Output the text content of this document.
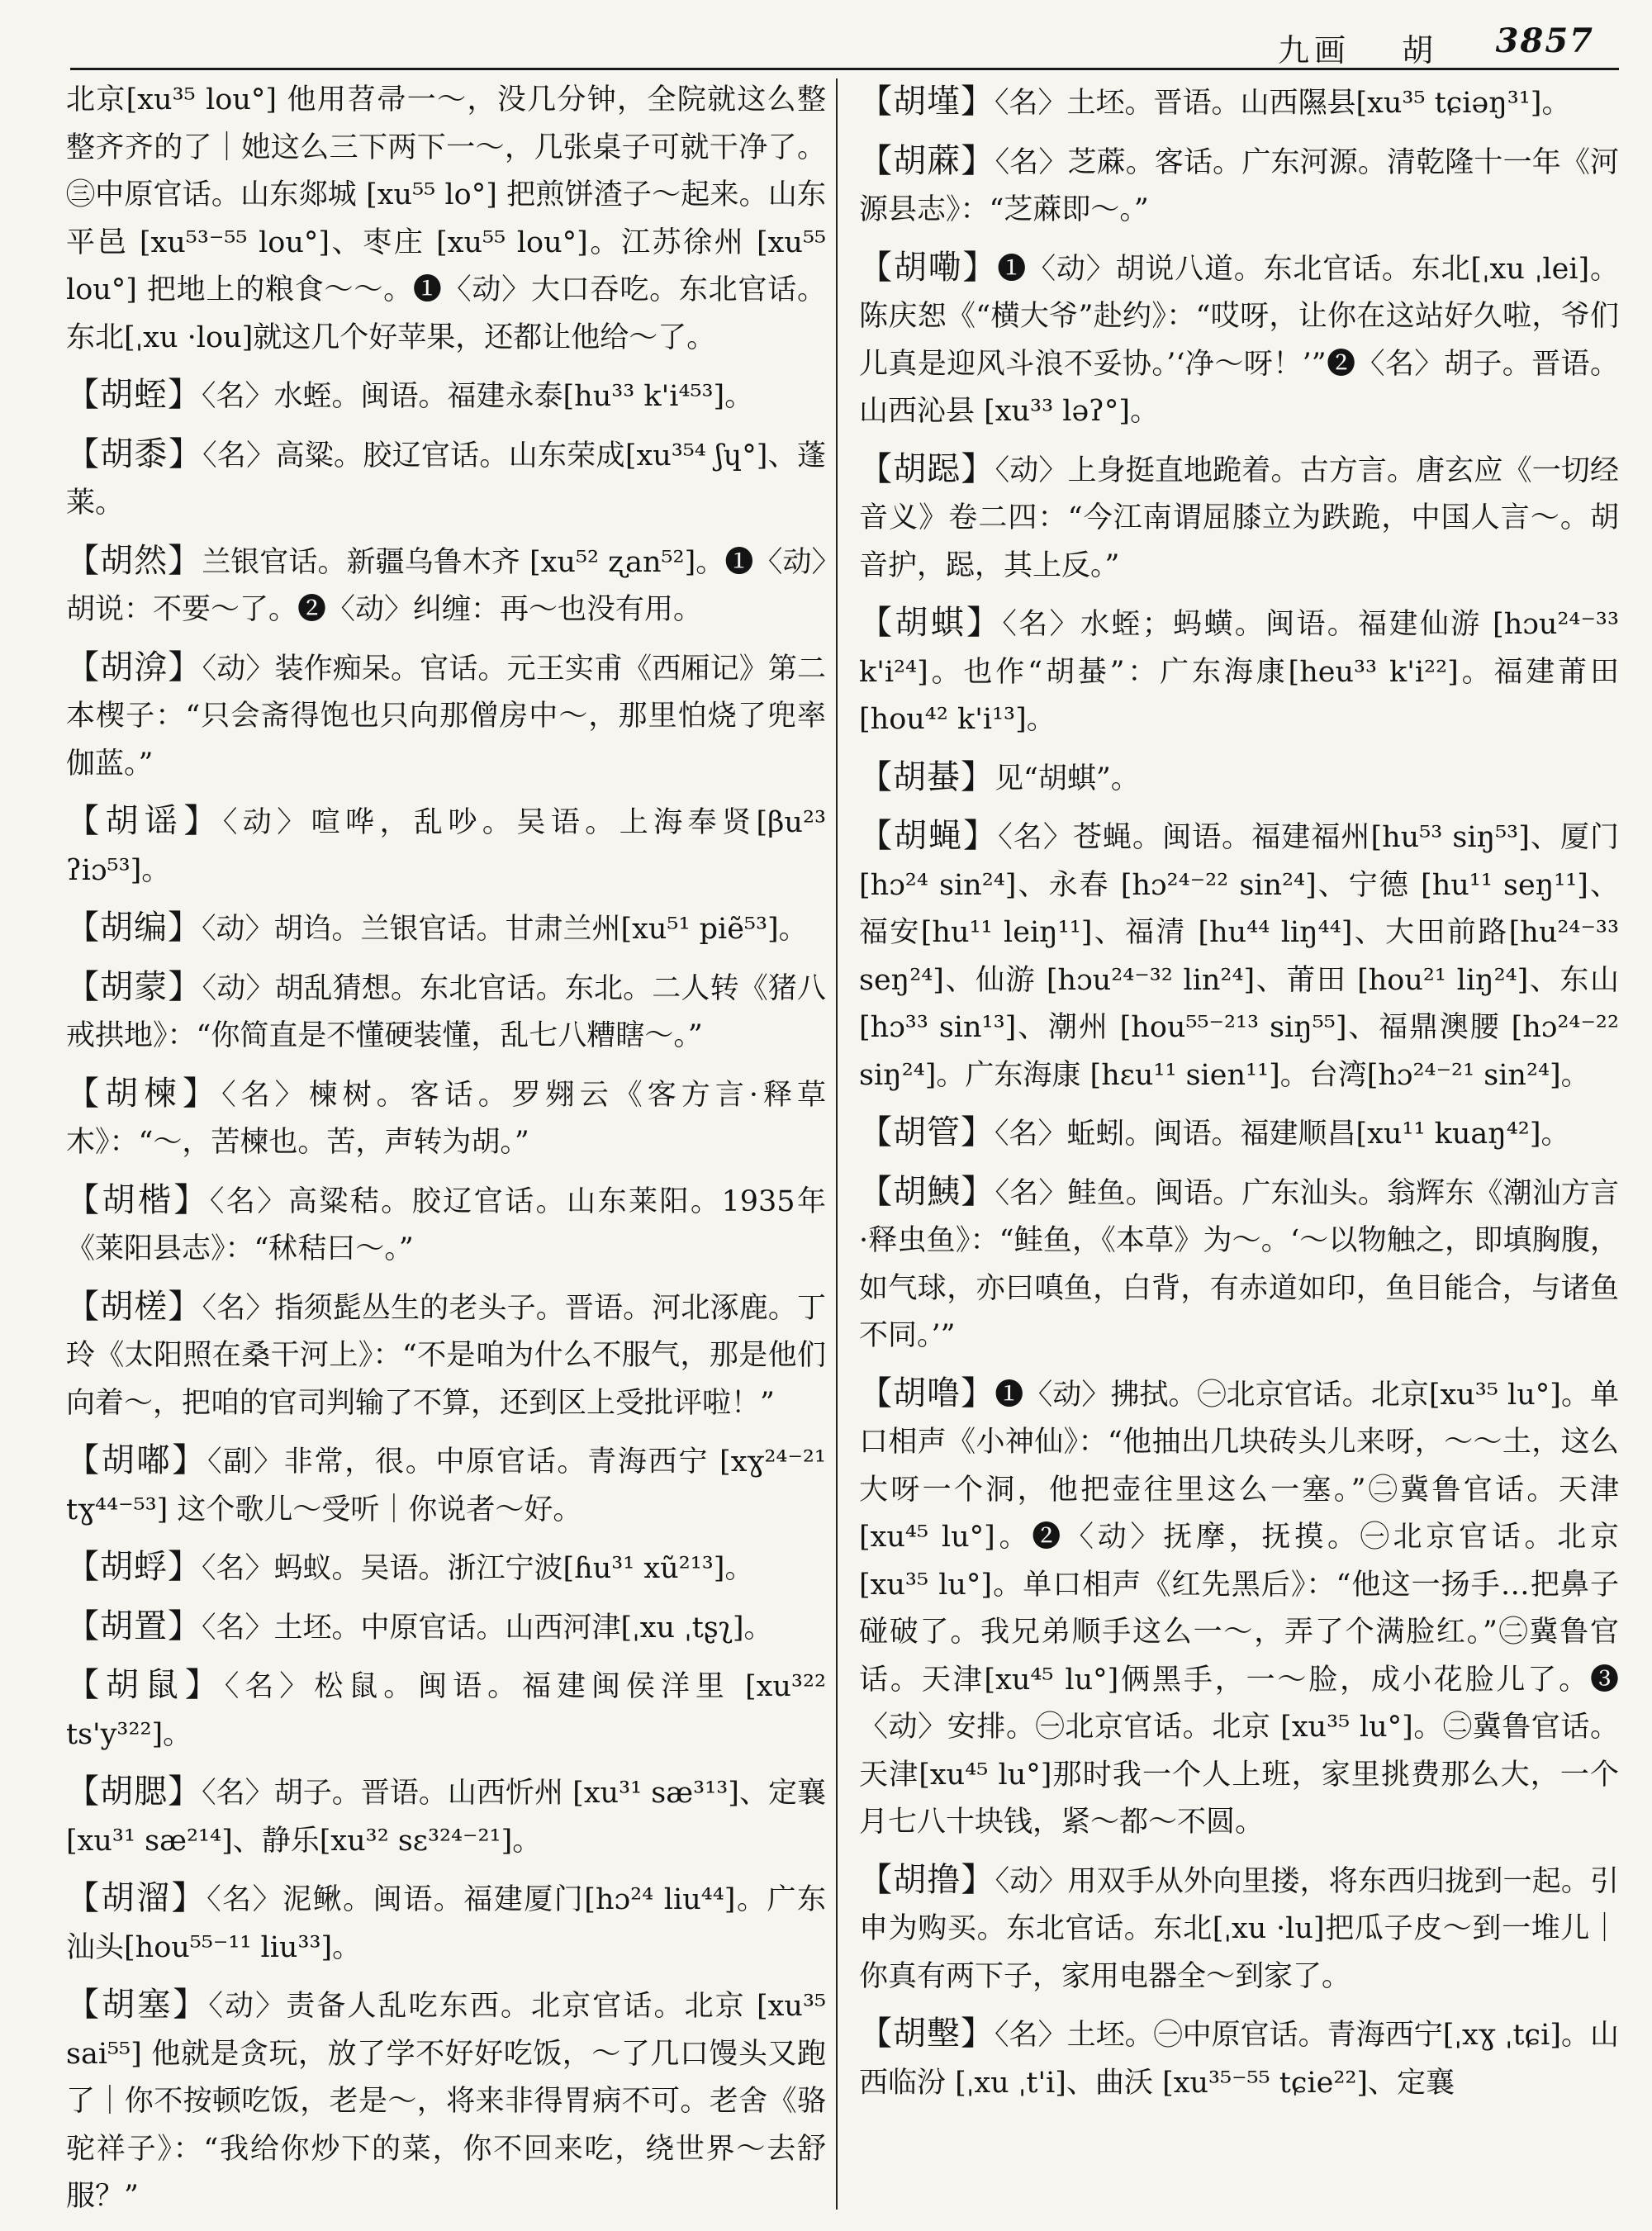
九画 胡 3857

北京[xu³⁵ lou°] 他用苕帚一～，没几分钟，全院就这么整整齐齐的了｜她这么三下两下一～，几张桌子可就干净了。㊂中原官话。山东郯城 [xu⁵⁵ lo°] 把煎饼渣子～起来。山东平邑 [xu⁵³⁻⁵⁵ lou°]、枣庄 [xu⁵⁵ lou°]。江苏徐州 [xu⁵⁵ lou°] 把地上的粮食～～。❶〈动〉大口吞吃。东北官话。东北[ˌxu ·lou]就这几个好苹果，还都让他给～了。

【胡蛭】〈名〉水蛭。闽语。福建永泰[hu³³ k'i⁴⁵³]。

【胡黍】〈名〉高粱。胶辽官话。山东荣成[xu³⁵⁴ ʃɥ°]、蓬莱。

【胡然】兰银官话。新疆乌鲁木齐 [xu⁵² ʐan⁵²]。❶〈动〉胡说：不要～了。❷〈动〉纠缠：再～也没有用。

【胡渰】〈动〉装作痴呆。官话。元王实甫《西厢记》第二本楔子：“只会斋得饱也只向那僧房中～，那里怕烧了兜率伽蓝。”

【胡谣】〈动〉喧哗，乱吵。吴语。上海奉贤[βu²³ ʔiɔ⁵³]。

【胡编】〈动〉胡诌。兰银官话。甘肃兰州[xu⁵¹ piẽ⁵³]。

【胡蒙】〈动〉胡乱猜想。东北官话。东北。二人转《猪八戒拱地》：“你简直是不懂硬装懂，乱七八糟瞎～。”

【胡楝】〈名〉楝树。客话。罗翙云《客方言·释草木》：“～，苦楝也。苦，声转为胡。”

【胡楷】〈名〉高粱秸。胶辽官话。山东莱阳。1935年《莱阳县志》：“秫秸曰～。”

【胡槎】〈名〉指须髭丛生的老头子。晋语。河北涿鹿。丁玲《太阳照在桑干河上》：“不是咱为什么不服气，那是他们向着～，把咱的官司判输了不算，还到区上受批评啦！”

【胡嘟】〈副〉非常，很。中原官话。青海西宁 [xɣ²⁴⁻²¹ tɣ⁴⁴⁻⁵³] 这个歌儿～受听｜你说者～好。

【胡蜉】〈名〉蚂蚁。吴语。浙江宁波[ɦu³¹ xũ²¹³]。

【胡置】〈名〉土坯。中原官话。山西河津[ˌxu ˌtʂʅ]。

【胡鼠】〈名〉松鼠。闽语。福建闽侯洋里 [xu³²² ts'y³²²]。

【胡腮】〈名〉胡子。晋语。山西忻州 [xu³¹ sæ³¹³]、定襄[xu³¹ sæ²¹⁴]、静乐[xu³² sɛ³²⁴⁻²¹]。

【胡溜】〈名〉泥鳅。闽语。福建厦门[hɔ²⁴ liu⁴⁴]。广东汕头[hou⁵⁵⁻¹¹ liu³³]。

【胡塞】〈动〉责备人乱吃东西。北京官话。北京 [xu³⁵ sai⁵⁵] 他就是贪玩，放了学不好好吃饭，～了几口馒头又跑了｜你不按顿吃饭，老是～，将来非得胃病不可。老舍《骆驼祥子》：“我给你炒下的菜，你不回来吃，绕世界～去舒服？”

【胡墐】〈名〉土坯。晋语。山西隰县[xu³⁵ tɕiəŋ³¹]。

【胡蔴】〈名〉芝蔴。客话。广东河源。清乾隆十一年《河源县志》：“芝蔴即～。”

【胡嘞】❶〈动〉胡说八道。东北官话。东北[ˌxu ˌlei]。陈庆恕《“横大爷”赴约》：“哎呀，让你在这站好久啦，爷们儿真是迎风斗浪不妥协。’‘净～呀！’”❷〈名〉胡子。晋语。山西沁县 [xu³³ ləʔ°]。

【胡跽】〈动〉上身挺直地跪着。古方言。唐玄应《一切经音义》卷二四：“今江南谓屈膝立为跌跪，中国人言～。胡音护，跽，其上反。”

【胡蜞】〈名〉水蛭；蚂蟥。闽语。福建仙游 [hɔu²⁴⁻³³ k'i²⁴]。也作“胡蜝”：广东海康[heu³³ k'i²²]。福建莆田[hou⁴² k'i¹³]。

【胡蜝】见“胡蜞”。

【胡蝇】〈名〉苍蝇。闽语。福建福州[hu⁵³ siŋ⁵³]、厦门 [hɔ²⁴ sin²⁴]、永春 [hɔ²⁴⁻²² sin²⁴]、宁德 [hu¹¹ seŋ¹¹]、福安[hu¹¹ leiŋ¹¹]、福清 [hu⁴⁴ liŋ⁴⁴]、大田前路[hu²⁴⁻³³ seŋ²⁴]、仙游 [hɔu²⁴⁻³² lin²⁴]、莆田 [hou²¹ liŋ²⁴]、东山 [hɔ³³ sin¹³]、潮州 [hou⁵⁵⁻²¹³ siŋ⁵⁵]、福鼎澳腰 [hɔ²⁴⁻²² siŋ²⁴]。广东海康 [hɛu¹¹ sien¹¹]。台湾[hɔ²⁴⁻²¹ sin²⁴]。

【胡管】〈名〉蚯蚓。闽语。福建顺昌[xu¹¹ kuaŋ⁴²]。

【胡鮧】〈名〉鲑鱼。闽语。广东汕头。翁辉东《潮汕方言·释虫鱼》：“鲑鱼，《本草》为～。‘～以物触之，即填胸腹，如气球，亦曰嗔鱼，白背，有赤道如印，鱼目能合，与诸鱼不同。’”

【胡噜】❶〈动〉拂拭。㊀北京官话。北京[xu³⁵ lu°]。单口相声《小神仙》：“他抽出几块砖头儿来呀，～～土，这么大呀一个洞，他把壶往里这么一塞。”㊁冀鲁官话。天津[xu⁴⁵ lu°]。❷〈动〉抚摩，抚摸。㊀北京官话。北京 [xu³⁵ lu°]。单口相声《红先黑后》：“他这一扬手…把鼻子碰破了。我兄弟顺手这么一～，弄了个满脸红。”㊁冀鲁官话。天津[xu⁴⁵ lu°]俩黑手，一～脸，成小花脸儿了。❸〈动〉安排。㊀北京官话。北京 [xu³⁵ lu°]。㊁冀鲁官话。天津[xu⁴⁵ lu°]那时我一个人上班，家里挑费那么大，一个月七八十块钱，紧～都～不圆。

【胡撸】〈动〉用双手从外向里搂，将东西归拢到一起。引申为购买。东北官话。东北[ˌxu ·lu]把瓜子皮～到一堆儿｜你真有两下子，家用电器全～到家了。

【胡墼】〈名〉土坯。㊀中原官话。青海西宁[ˌxɣ ˌtɕi]。山西临汾 [ˌxu ˌt'i]、曲沃 [xu³⁵⁻⁵⁵ tɕie²²]、定襄
